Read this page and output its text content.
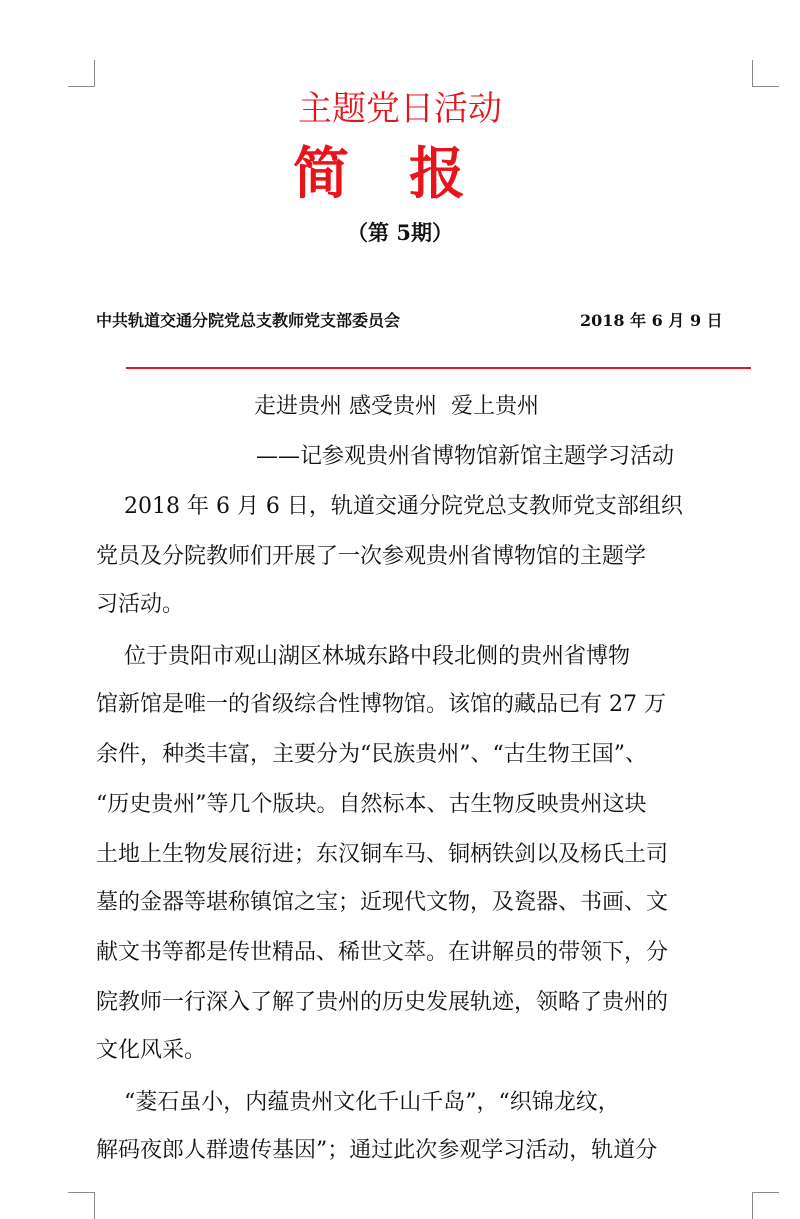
主题党日活动
简报
（第 5期）
中共轨道交通分院党总支教师党支部委员会	2018 年 6 月 9 日
走进贵州 感受贵州  爱上贵州
——记参观贵州省博物馆新馆主题学习活动
2018 年 6 月 6 日，轨道交通分院党总支教师党支部组织
党员及分院教师们开展了一次参观贵州省博物馆的主题学
习活动。
位于贵阳市观山湖区林城东路中段北侧的贵州省博物
馆新馆是唯一的省级综合性博物馆。该馆的藏品已有 27 万
余件，种类丰富，主要分为“民族贵州”、“古生物王国”、
“历史贵州”等几个版块。自然标本、古生物反映贵州这块
土地上生物发展衍进；东汉铜车马、铜柄铁剑以及杨氏土司
墓的金器等堪称镇馆之宝；近现代文物，及瓷器、书画、文
献文书等都是传世精品、稀世文萃。在讲解员的带领下，分
院教师一行深入了解了贵州的历史发展轨迹，领略了贵州的
文化风采。
“菱石虽小，内蕴贵州文化千山千岛”，“织锦龙纹，
解码夜郎人群遗传基因”；通过此次参观学习活动，轨道分
